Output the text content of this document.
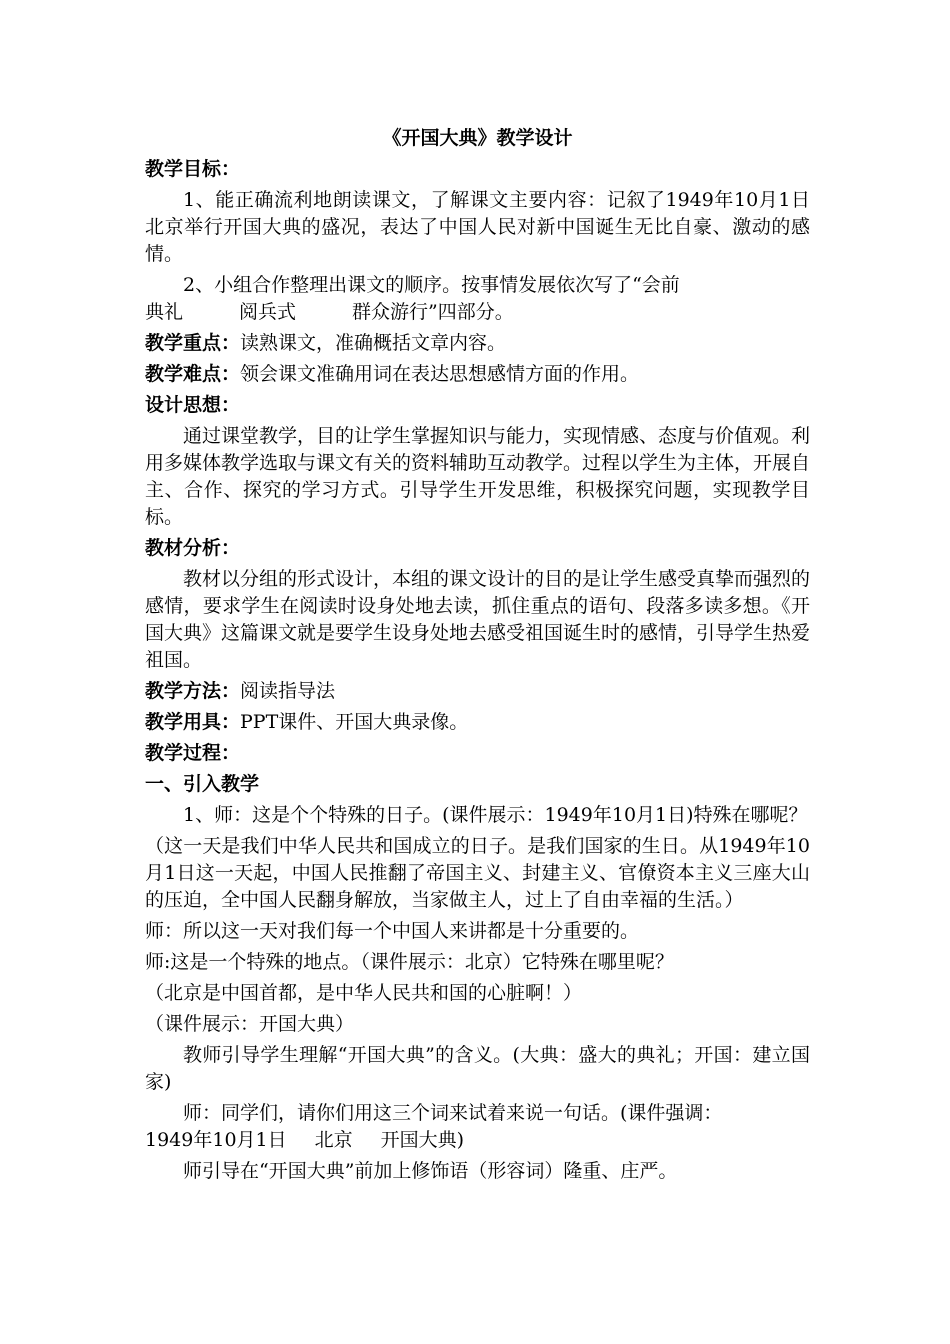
《开国大典》教学设计
教学目标：
1、能正确流利地朗读课文，了解课文主要内容：记叙了1949年10月1日北京举行开国大典的盛况，表达了中国人民对新中国诞生无比自豪、激动的感情。
2、小组合作整理出课文的顺序。按事情发展依次写了“会前
典礼	阅兵式	群众游行”四部分。
教学重点：读熟课文，准确概括文章内容。
教学难点：领会课文准确用词在表达思想感情方面的作用。
设计思想：
通过课堂教学，目的让学生掌握知识与能力，实现情感、态度与价值观。利用多媒体教学选取与课文有关的资料辅助互动教学。过程以学生为主体，开展自主、合作、探究的学习方式。引导学生开发思维，积极探究问题，实现教学目标。
教材分析：
教材以分组的形式设计，本组的课文设计的目的是让学生感受真挚而强烈的感情，要求学生在阅读时设身处地去读，抓住重点的语句、段落多读多想。《开国大典》这篇课文就是要学生设身处地去感受祖国诞生时的感情，引导学生热爱祖国。
教学方法：阅读指导法
教学用具：PPT课件、开国大典录像。
教学过程：
一、引入教学
1、师：这是个个特殊的日子。(课件展示：1949年10月1日)特殊在哪呢？
（这一天是我们中华人民共和国成立的日子。是我们国家的生日。从1949年10月1日这一天起，中国人民推翻了帝国主义、封建主义、官僚资本主义三座大山的压迫，全中国人民翻身解放，当家做主人，过上了自由幸福的生活。）
师：所以这一天对我们每一个中国人来讲都是十分重要的。
师:这是一个特殊的地点。（课件展示：北京）它特殊在哪里呢？
（北京是中国首都，是中华人民共和国的心脏啊！）
（课件展示：开国大典）
教师引导学生理解“开国大典”的含义。(大典：盛大的典礼；开国：建立国家)
师：同学们，请你们用这三个词来试着来说一句话。(课件强调：
1949年10月1日 北京 开国大典)
师引导在“开国大典”前加上修饰语（形容词）隆重、庄严。
